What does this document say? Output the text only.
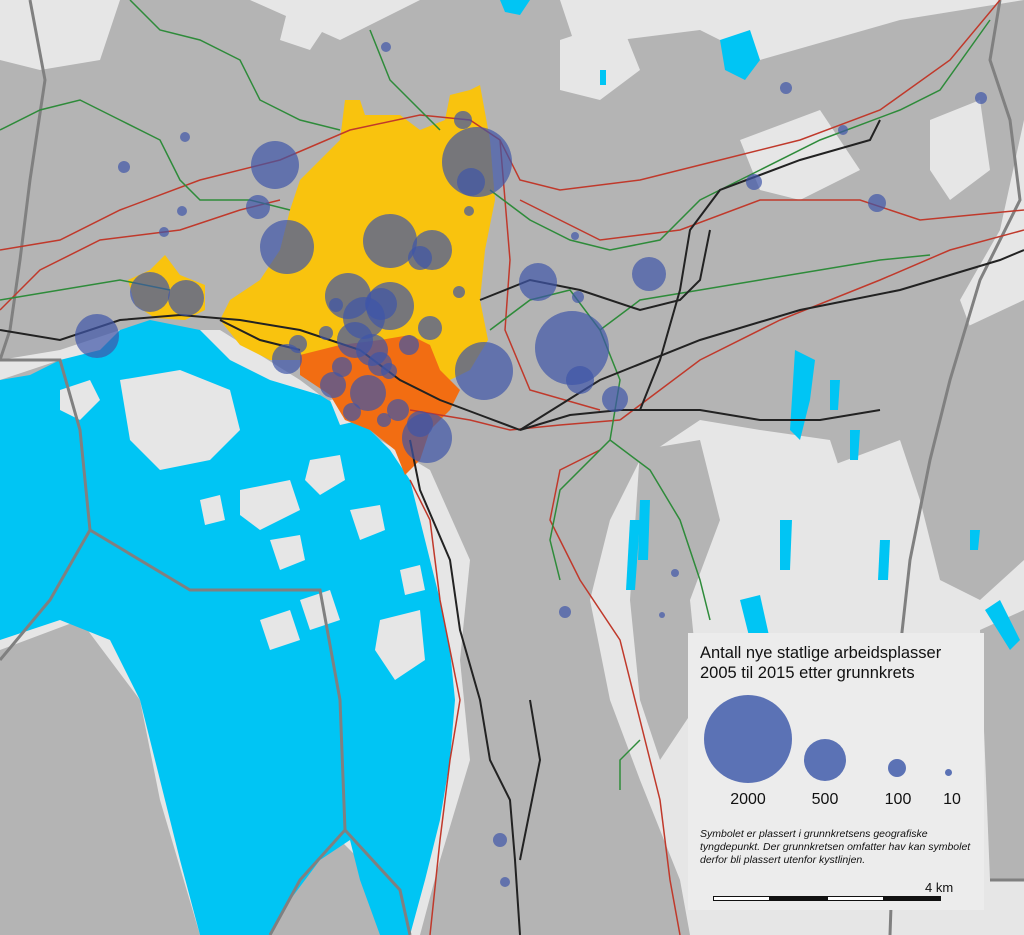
Antall nye statlige arbeidsplasser
2005 til 2015 etter grunnkrets
2000	500	100	10
Symbolet er plassert i grunnkretsens geografiske tyngdepunkt. Der grunnkretsen omfatter hav kan symbolet derfor bli plassert utenfor kystlinjen.
4 km
